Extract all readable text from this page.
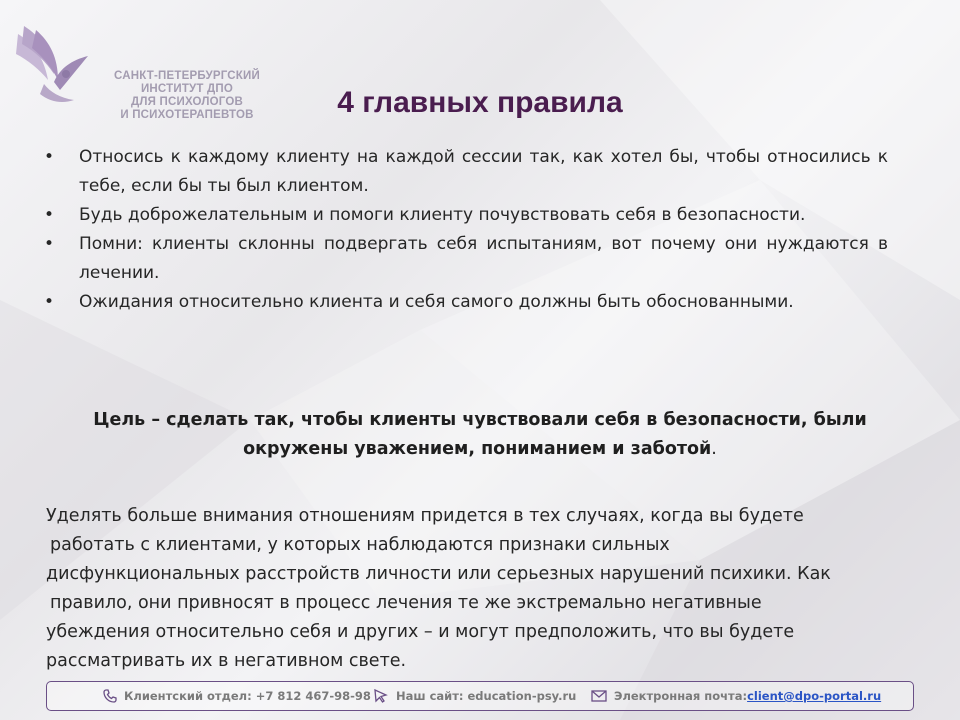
САНКТ-ПЕТЕРБУРГСКИЙ
ИНСТИТУТ ДПО
ДЛЯ ПСИХОЛОГОВ
И ПСИХОТЕРАПЕВТОВ	4 главных правила
•	Относись к каждому клиенту на каждой сессии так, как хотел бы, чтобы относились к тебе, если бы ты был клиентом.
•	Будь доброжелательным и помоги клиенту почувствовать себя в безопасности.
•	Помни: клиенты склонны подвергать себя испытаниям, вот почему они нуждаются в лечении.
•	Ожидания относительно клиента и себя самого должны быть обоснованными.
Цель – сделать так, чтобы клиенты чувствовали себя в безопасности, были
окружены уважением, пониманием и заботой.
Уделять больше внимания отношениям придется в тех случаях, когда вы будете
работать с клиентами, у которых наблюдаются признаки сильных
дисфункциональных расстройств личности или серьезных нарушений психики. Как
правило, они привносят в процесс лечения те же экстремально негативные
убеждения относительно себя и других – и могут предположить, что вы будете
рассматривать их в негативном свете.
Клиентский отдел: +7 812 467-98-98 Наш сайт: education-psy.ru	Электронная почта: client@dpo-portal.ru
